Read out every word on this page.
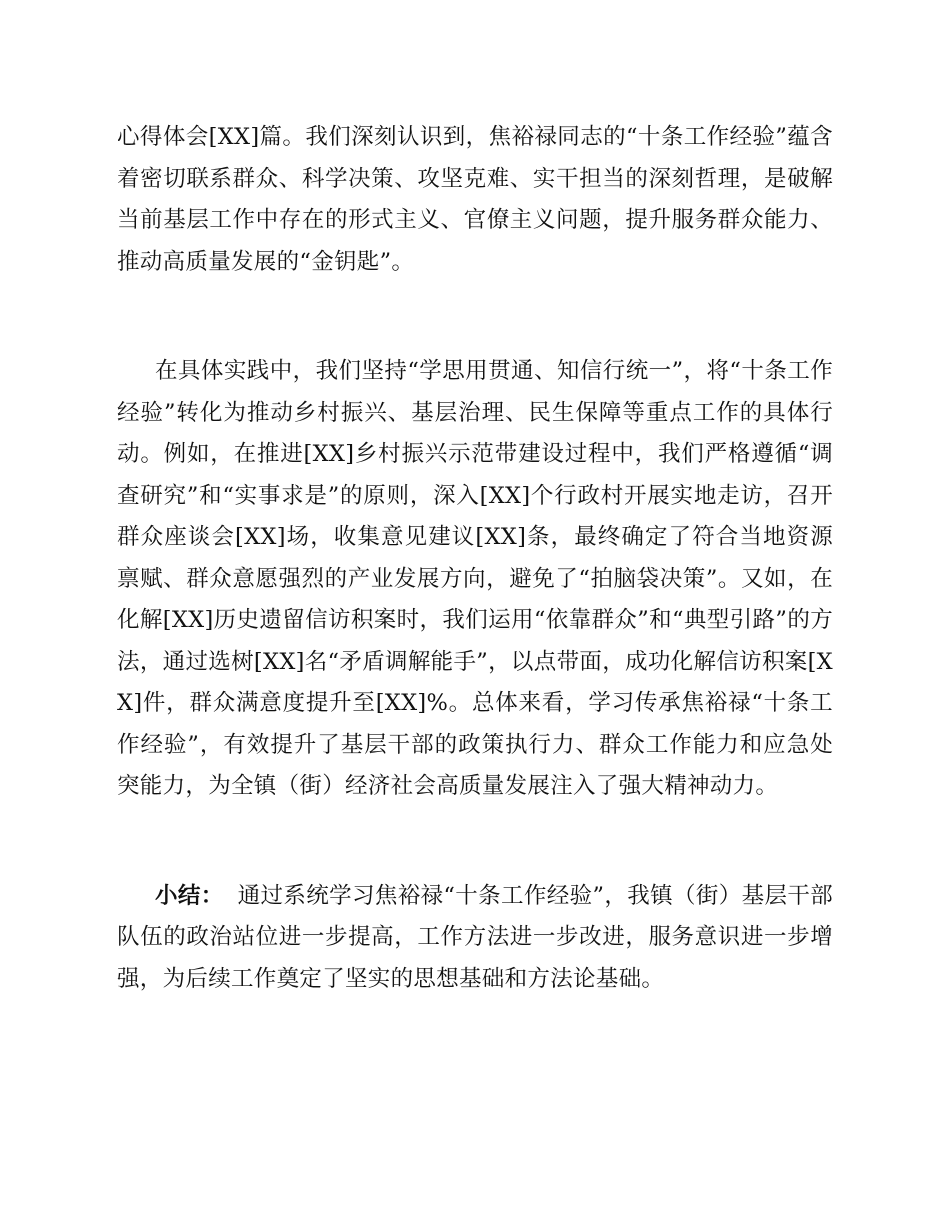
心得体会[XX]篇。我们深刻认识到，焦裕禄同志的“十条工作经验”蕴含着密切联系群众、科学决策、攻坚克难、实干担当的深刻哲理，是破解当前基层工作中存在的形式主义、官僚主义问题，提升服务群众能力、推动高质量发展的“金钥匙”。

在具体实践中，我们坚持“学思用贯通、知信行统一”，将“十条工作经验”转化为推动乡村振兴、基层治理、民生保障等重点工作的具体行动。例如，在推进[XX]乡村振兴示范带建设过程中，我们严格遵循“调查研究”和“实事求是”的原则，深入[XX]个行政村开展实地走访，召开群众座谈会[XX]场，收集意见建议[XX]条，最终确定了符合当地资源禀赋、群众意愿强烈的产业发展方向，避免了“拍脑袋决策”。又如，在化解[XX]历史遗留信访积案时，我们运用“依靠群众”和“典型引路”的方法，通过选树[XX]名“矛盾调解能手”，以点带面，成功化解信访积案[XX]件，群众满意度提升至[XX]%。总体来看，学习传承焦裕禄“十条工作经验”，有效提升了基层干部的政策执行力、群众工作能力和应急处突能力，为全镇（街）经济社会高质量发展注入了强大精神动力。

小结： 通过系统学习焦裕禄“十条工作经验”，我镇（街）基层干部队伍的政治站位进一步提高，工作方法进一步改进，服务意识进一步增强，为后续工作奠定了坚实的思想基础和方法论基础。
